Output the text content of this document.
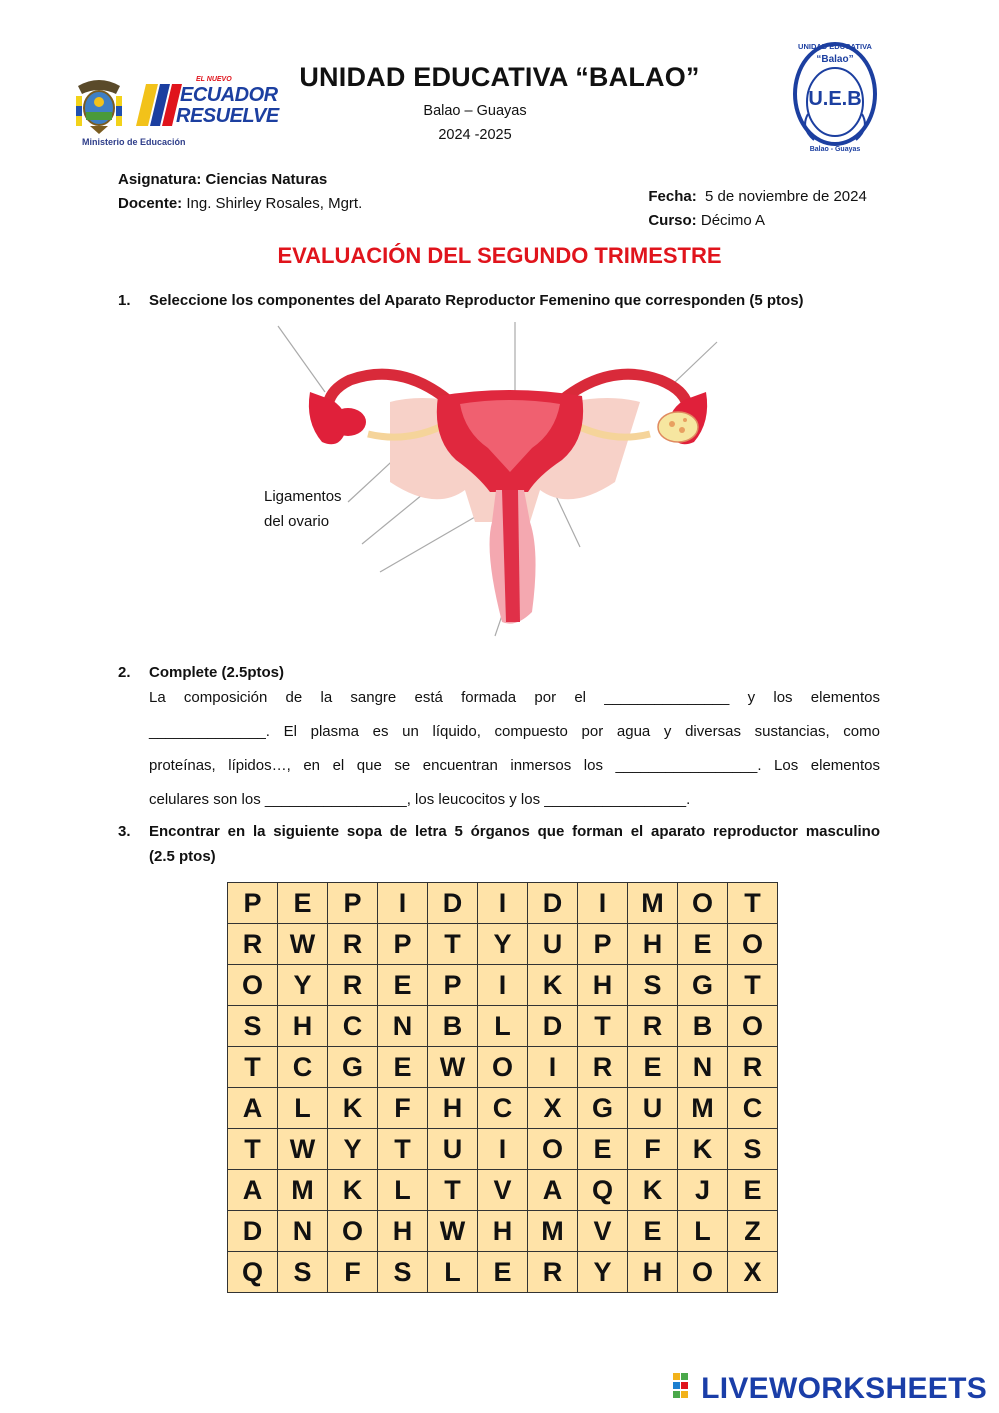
Ministerio de Educación
EL NUEVO
ECUADOR
RESUELVE
UNIDAD EDUCATIVA “BALAO”
Balao – Guayas
2024 -2025
UNIDAD EDUCATIVA
“Balao”
U.E.B
Balao - Guayas
Asignatura: Ciencias Naturas
Docente: Ing. Shirley Rosales, Mgrt.	Fecha:  5 de noviembre de 2024

Curso: Décimo A

EVALUACIÓN DEL SEGUNDO TRIMESTRE
1. Seleccione los componentes del Aparato Reproductor Femenino que corresponden (5 ptos)
Ligamentos
del ovario
2. Complete (2.5ptos)
La composición de la sangre está formada por el _______________ y los elementos
______________. El plasma es un líquido, compuesto por agua y diversas sustancias, como
proteínas, lípidos…, en el que se encuentran inmersos los _________________. Los elementos
celulares son los _________________, los leucocitos y los _________________.
3. Encontrar en la siguiente sopa de letra 5 órganos que forman el aparato reproductor masculino
(2.5 ptos)
P	E	P	I	D	I	D	I	M	O	T
R	W	R	P	T	Y	U	P	H	E	O
O	Y	R	E	P	I	K	H	S	G	T
S	H	C	N	B	L	D	T	R	B	O
T	C	G	E	W	O	I	R	E	N	R
A	L	K	F	H	C	X	G	U	M	C
T	W	Y	T	U	I	O	E	F	K	S
A	M	K	L	T	V	A	Q	K	J	E
D	N	O	H	W	H	M	V	E	L	Z
Q	S	F	S	L	E	R	Y	H	O	X
LIVEWORKSHEETS
